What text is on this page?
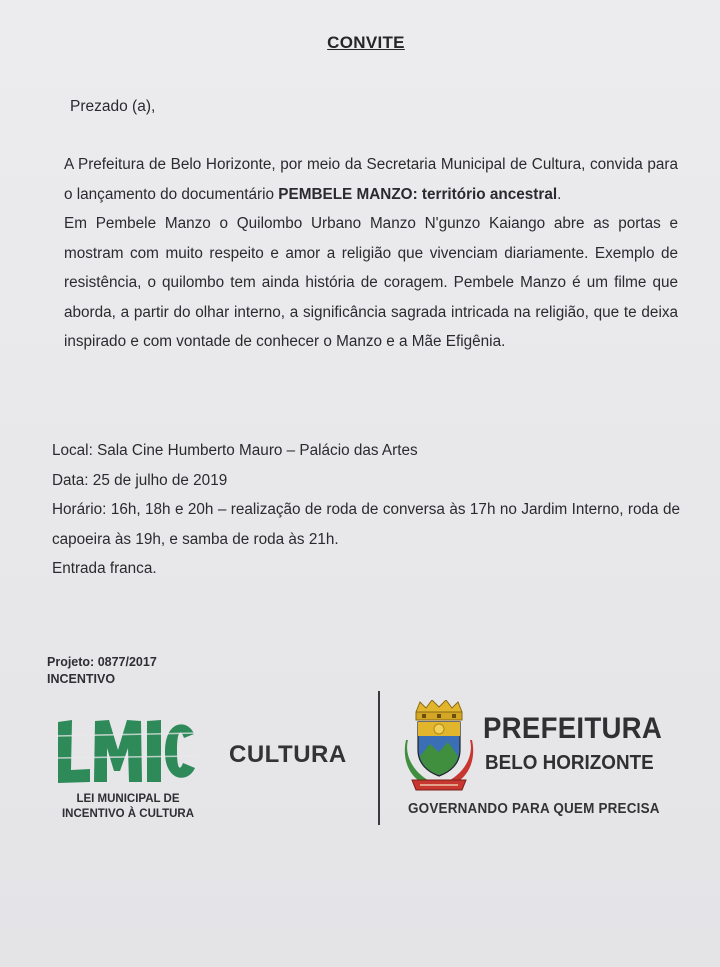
CONVITE
Prezado (a),

A Prefeitura de Belo Horizonte, por meio da Secretaria Municipal de Cultura, convida para o lançamento do documentário PEMBELE MANZO: território ancestral.

Em Pembele Manzo o Quilombo Urbano Manzo N'gunzo Kaiango abre as portas e mostram com muito respeito e amor a religião que vivenciam diariamente. Exemplo de resistência, o quilombo tem ainda história de coragem. Pembele Manzo é um filme que aborda, a partir do olhar interno, a significância sagrada intricada na religião, que te deixa inspirado e com vontade de conhecer o Manzo e a Mãe Efigênia.

Local: Sala Cine Humberto Mauro – Palácio das Artes

Data: 25 de julho de 2019

Horário: 16h, 18h e 20h – realização de roda de conversa às 17h no Jardim Interno, roda de capoeira às 19h, e samba de roda às 21h.

Entrada franca.

Projeto: 0877/2017
INCENTIVO
LEI MUNICIPAL DE
INCENTIVO À CULTURA
CULTURA
PREFEITURA
BELO HORIZONTE
GOVERNANDO PARA QUEM PRECISA
